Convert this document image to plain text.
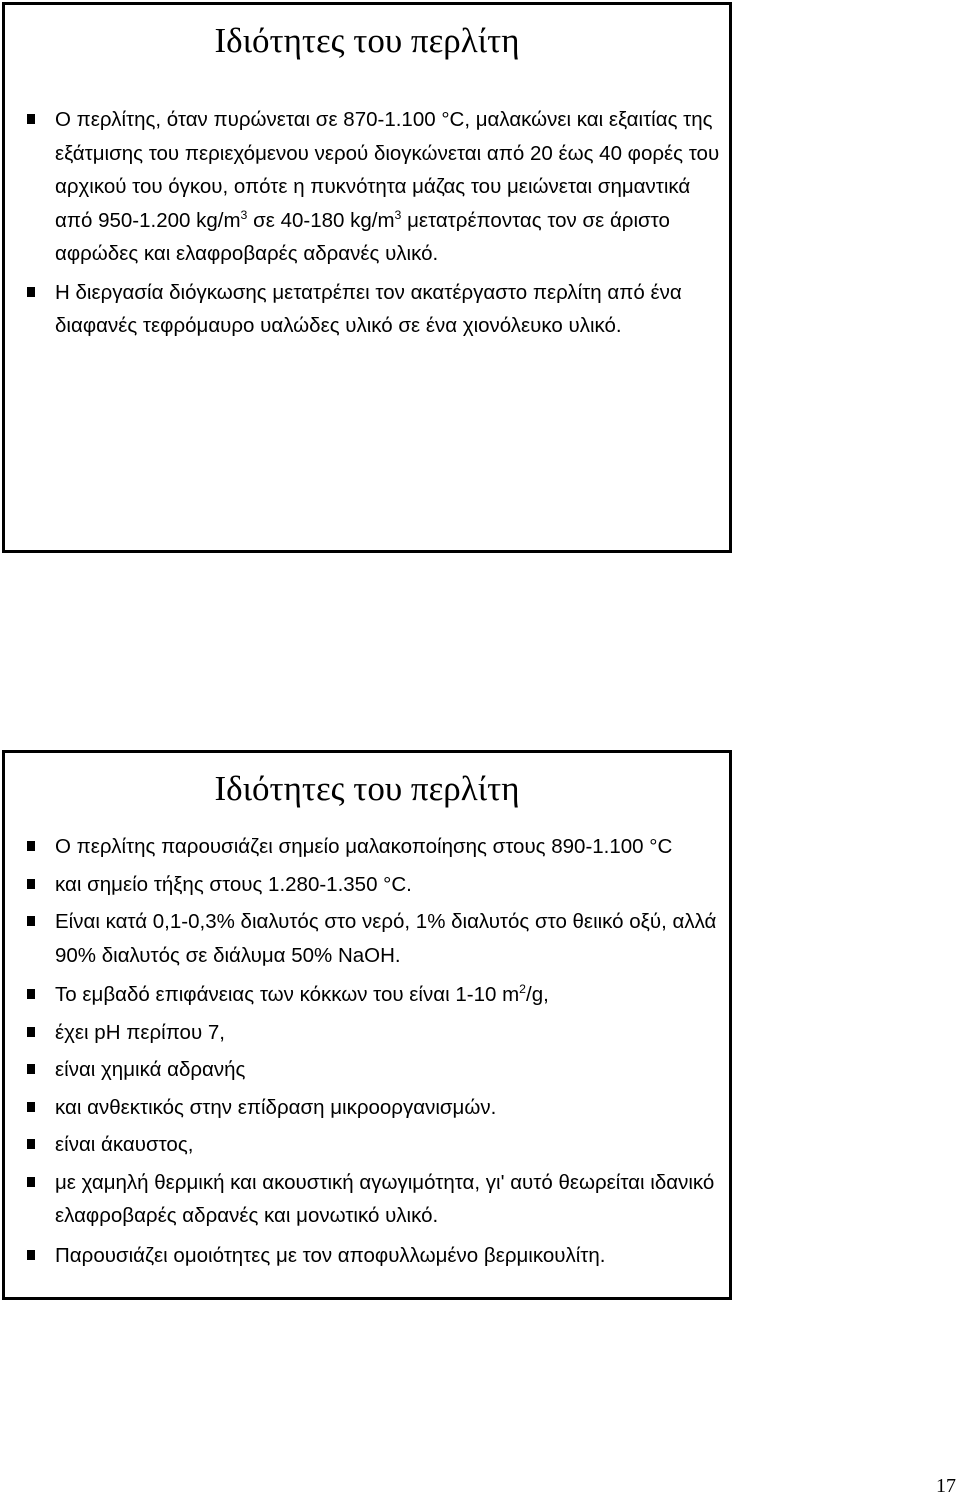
Ιδιότητες του περλίτη
Ο περλίτης, όταν πυρώνεται σε 870-1.100 °C, μαλακώνει και εξαιτίας της εξάτμισης του περιεχόμενου νερού διογκώνεται από 20 έως 40 φορές του αρχικού του όγκου, οπότε η πυκνότητα μάζας του μειώνεται σημαντικά από 950-1.200 $kg/m^3$ σε 40-180 $kg/m^3$ μετατρέποντας τον σε άριστο αφρώδες και ελαφροβαρές αδρανές υλικό.
Η διεργασία διόγκωσης μετατρέπει τον ακατέργαστο περλίτη από ένα διαφανές τεφρόμαυρο υαλώδες υλικό σε ένα χιονόλευκο υλικό.
Ιδιότητες του περλίτη
Ο περλίτης παρουσιάζει σημείο μαλακοποίησης στους 890-1.100 °C
και σημείο τήξης στους 1.280-1.350 °C.
Είναι κατά 0,1-0,3% διαλυτός στο νερό, 1% διαλυτός στο θειικό οξύ, αλλά 90% διαλυτός σε διάλυμα 50% NaOH.
Το εμβαδό επιφάνειας των κόκκων του είναι 1-10 $m^2/g$,
έχει pH περίπου 7,
είναι χημικά αδρανής
και ανθεκτικός στην επίδραση μικροοργανισμών.
είναι άκαυστος,
με χαμηλή θερμική και ακουστική αγωγιμότητα, γι' αυτό θεωρείται ιδανικό ελαφροβαρές αδρανές και μονωτικό υλικό.
Παρουσιάζει ομοιότητες με τον αποφυλλωμένο βερμικουλίτη.
17
